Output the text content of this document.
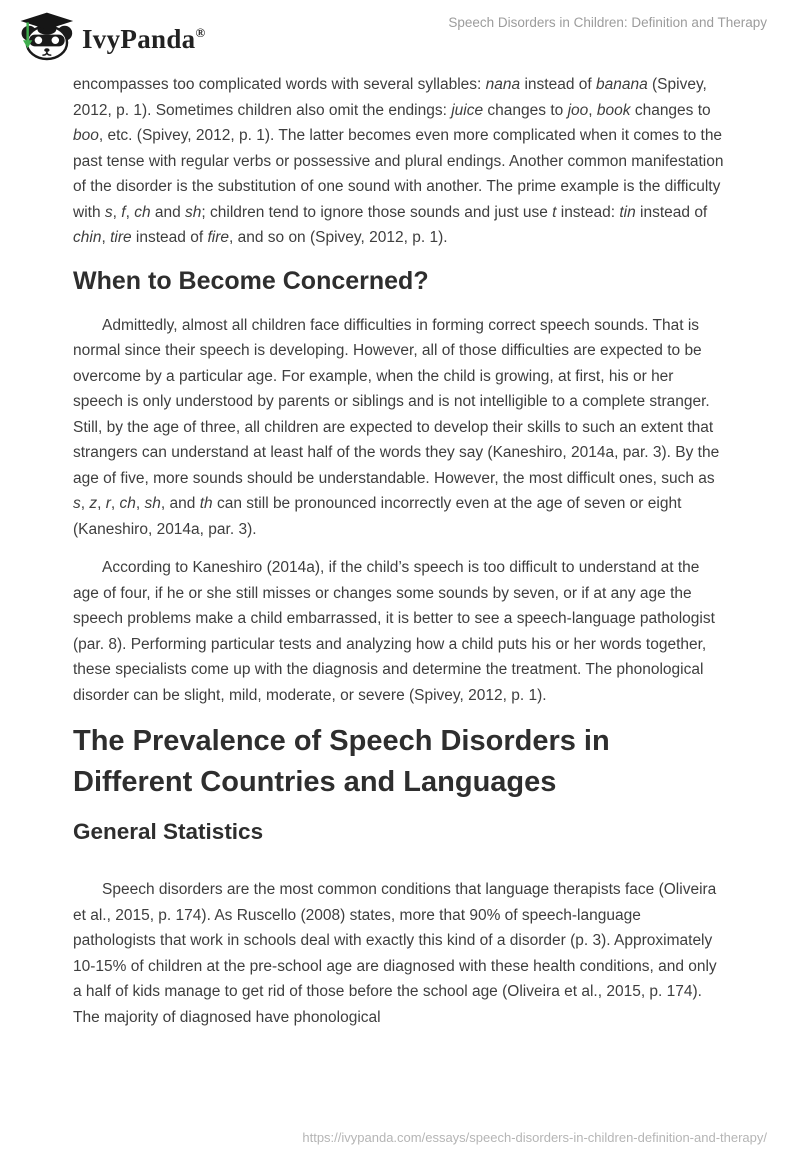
IvyPanda®
Speech Disorders in Children: Definition and Therapy

encompasses too complicated words with several syllables: nana instead of banana (Spivey, 2012, p. 1). Sometimes children also omit the endings: juice changes to joo, book changes to boo, etc. (Spivey, 2012, p. 1). The latter becomes even more complicated when it comes to the past tense with regular verbs or possessive and plural endings. Another common manifestation of the disorder is the substitution of one sound with another. The prime example is the difficulty with s, f, ch and sh; children tend to ignore those sounds and just use t instead: tin instead of chin, tire instead of fire, and so on (Spivey, 2012, p. 1).

When to Become Concerned?

Admittedly, almost all children face difficulties in forming correct speech sounds. That is normal since their speech is developing. However, all of those difficulties are expected to be overcome by a particular age. For example, when the child is growing, at first, his or her speech is only understood by parents or siblings and is not intelligible to a complete stranger. Still, by the age of three, all children are expected to develop their skills to such an extent that strangers can understand at least half of the words they say (Kaneshiro, 2014a, par. 3). By the age of five, more sounds should be understandable. However, the most difficult ones, such as s, z, r, ch, sh, and th can still be pronounced incorrectly even at the age of seven or eight (Kaneshiro, 2014a, par. 3).

According to Kaneshiro (2014a), if the child’s speech is too difficult to understand at the age of four, if he or she still misses or changes some sounds by seven, or if at any age the speech problems make a child embarrassed, it is better to see a speech-language pathologist (par. 8). Performing particular tests and analyzing how a child puts his or her words together, these specialists come up with the diagnosis and determine the treatment. The phonological disorder can be slight, mild, moderate, or severe (Spivey, 2012, p. 1).

The Prevalence of Speech Disorders in Different Countries and Languages
General Statistics

Speech disorders are the most common conditions that language therapists face (Oliveira et al., 2015, p. 174). As Ruscello (2008) states, more that 90% of speech-language pathologists that work in schools deal with exactly this kind of a disorder (p. 3). Approximately 10-15% of children at the pre-school age are diagnosed with these health conditions, and only a half of kids manage to get rid of those before the school age (Oliveira et al., 2015, p. 174). The majority of diagnosed have phonological

https://ivypanda.com/essays/speech-disorders-in-children-definition-and-therapy/
